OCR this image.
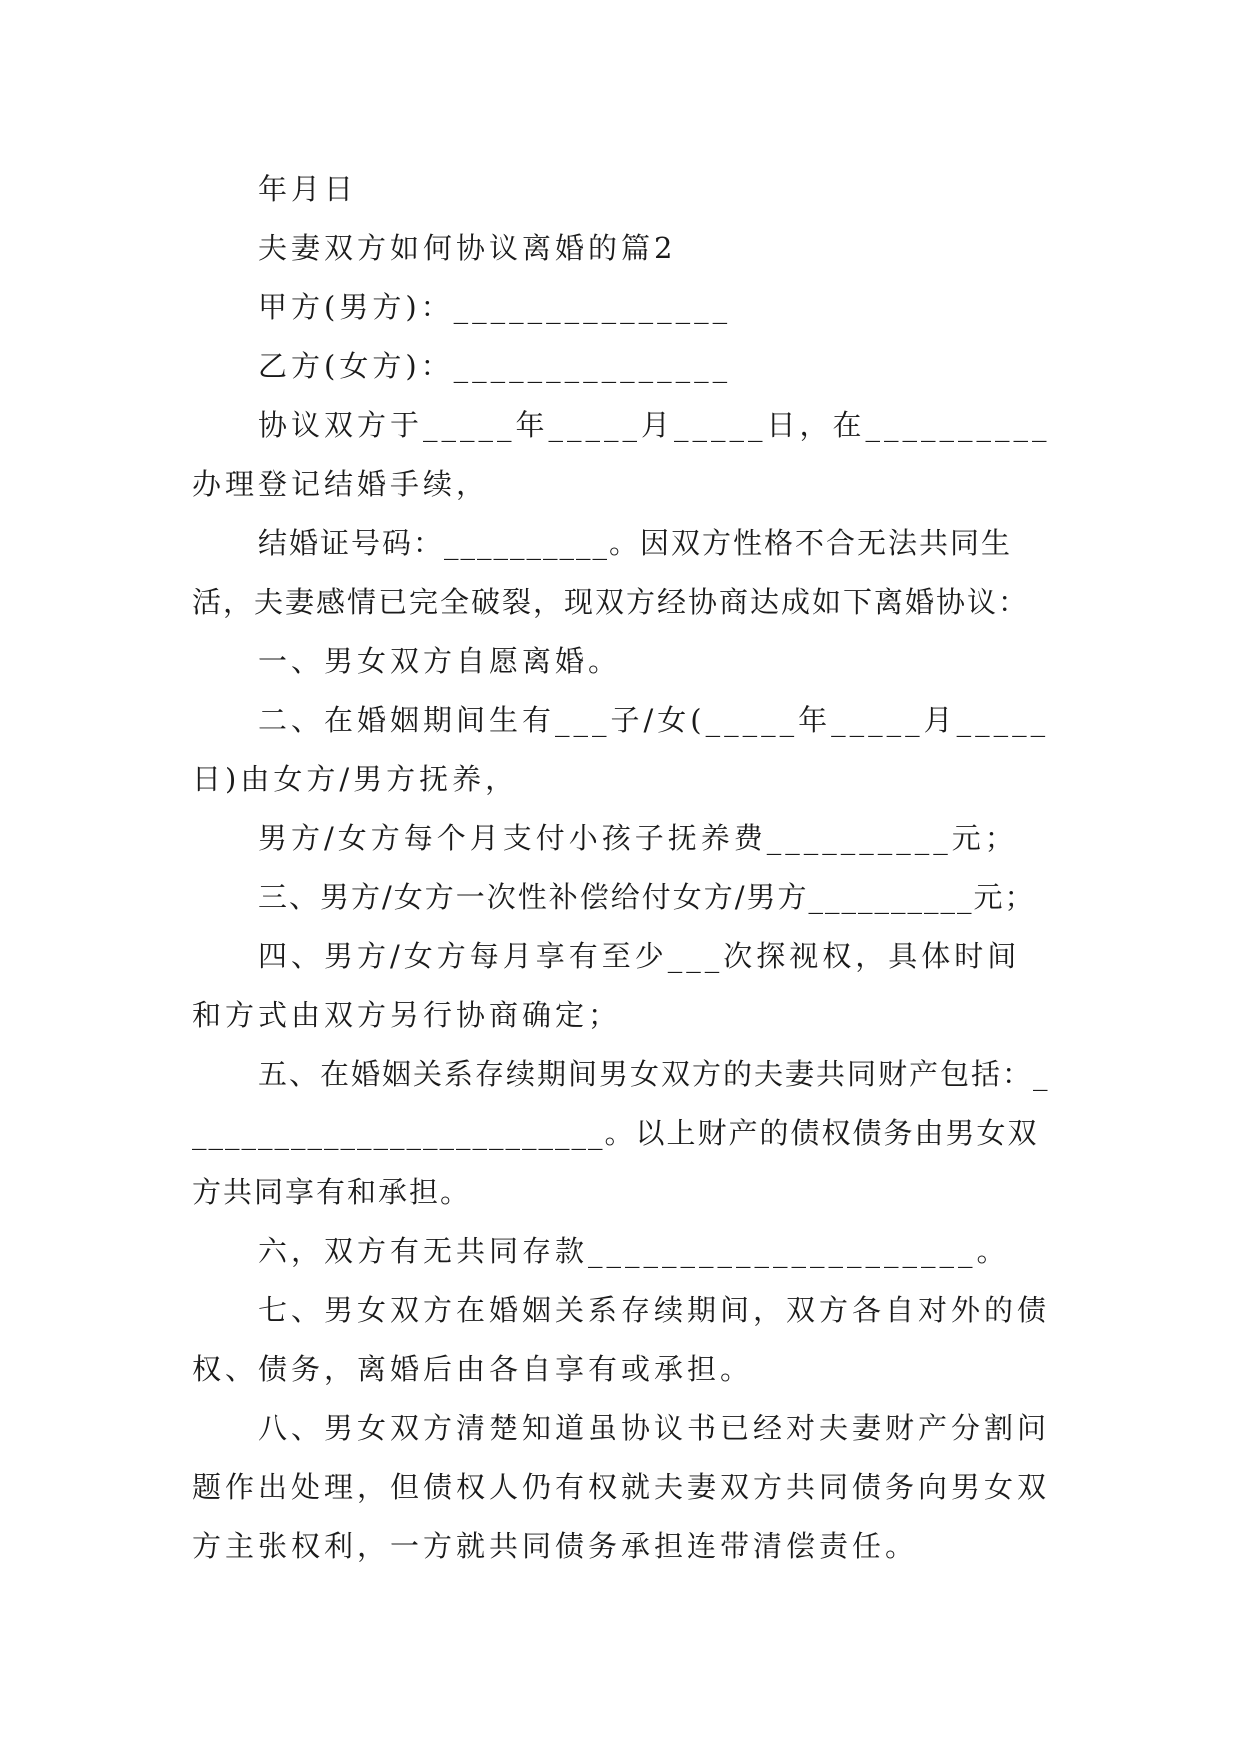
年月日

夫妻双方如何协议离婚的篇2

甲方(男方)：_______________

乙方(女方)：_______________

协议双方于_____年_____月_____日，在__________办理登记结婚手续，

结婚证号码：__________。因双方性格不合无法共同生活，夫妻感情已完全破裂，现双方经协商达成如下离婚协议：

一、男女双方自愿离婚。

二、在婚姻期间生有___子/女(_____年_____月_____日)由女方/男方抚养，

男方/女方每个月支付小孩子抚养费__________元；

三、男方/女方一次性补偿给付女方/男方__________元；

四、男方/女方每月享有至少___次探视权，具体时间和方式由双方另行协商确定；

五、在婚姻关系存续期间男女双方的夫妻共同财产包括：__________________________。以上财产的债权债务由男女双方共同享有和承担。

六，双方有无共同存款_____________________。

七、男女双方在婚姻关系存续期间，双方各自对外的债权、债务，离婚后由各自享有或承担。

八、男女双方清楚知道虽协议书已经对夫妻财产分割问题作出处理，但债权人仍有权就夫妻双方共同债务向男女双方主张权利，一方就共同债务承担连带清偿责任。
